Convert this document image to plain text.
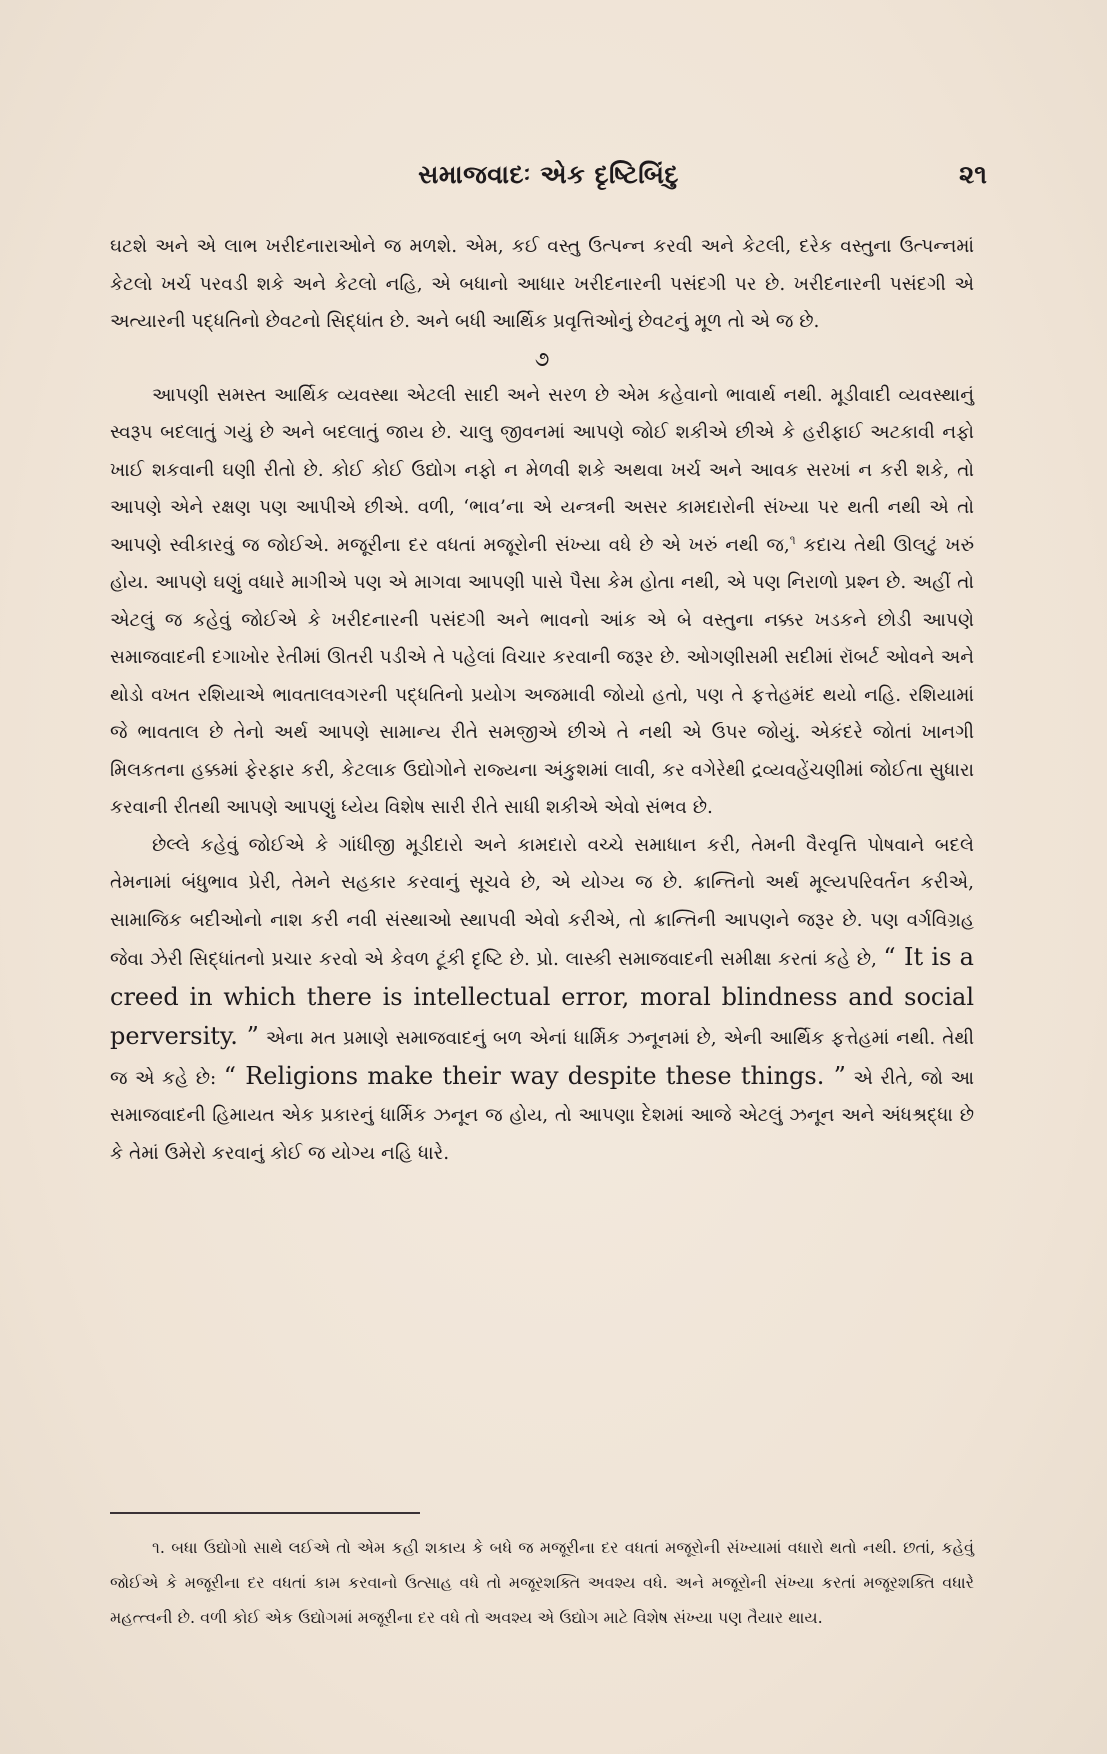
સમાજવાદઃ એક દૃષ્ટિબિંદુ	૨૧

ઘટશે અને એ લાભ ખરીદનારાઓને જ મળશે. એમ, કઈ વસ્તુ ઉત્પન્ન કરવી અને કેટલી, દરેક વસ્તુના ઉત્પન્નમાં કેટલો ખર્ચ પરવડી શકે અને કેટલો નહિ, એ બધાનો આધાર ખરીદનારની પસંદગી પર છે. ખરીદનારની પસંદગી એ અત્યારની પદ્ધતિનો છેવટનો સિદ્ધાંત છે. અને બધી આર્થિક પ્રવૃત્તિઓનું છેવટનું મૂળ તો એ જ છે.

૭

આપણી સમસ્ત આર્થિક વ્યવસ્થા એટલી સાદી અને સરળ છે એમ કહેવાનો ભાવાર્થ નથી. મૂડીવાદી વ્યવસ્થાનું સ્વરૂપ બદલાતું ગયું છે અને બદલાતું જાય છે. ચાલુ જીવનમાં આપણે જોઈ શકીએ છીએ કે હરીફાઈ અટકાવી નફો ખાઈ શકવાની ઘણી રીતો છે. કોઈ કોઈ ઉદ્યોગ નફો ન મેળવી શકે અથવા ખર્ચ અને આવક સરખાં ન કરી શકે, તો આપણે એને રક્ષણ પણ આપીએ છીએ. વળી, ‘ભાવ’ના એ યન્ત્રની અસર કામદારોની સંખ્યા પર થતી નથી એ તો આપણે સ્વીકારવું જ જોઈએ. મજૂરીના દર વધતાં મજૂરોની સંખ્યા વધે છે એ ખરું નથી જ,$^૧$ કદાચ તેથી ઊલટું ખરું હોય. આપણે ઘણું વધારે માગીએ પણ એ માગવા આપણી પાસે પૈસા કેમ હોતા નથી, એ પણ નિરાળો પ્રશ્ન છે. અહીં તો એટલું જ કહેવું જોઈએ કે ખરીદનારની પસંદગી અને ભાવનો આંક એ બે વસ્તુના નક્કર ખડકને છોડી આપણે સમાજવાદની દગાખોર રેતીમાં ઊતરી પડીએ તે પહેલાં વિચાર કરવાની જરૂર છે. ઓગણીસમી સદીમાં રૉબર્ટ ઓવને અને થોડો વખત રશિયાએ ભાવતાલવગરની પદ્ધતિનો પ્રયોગ અજમાવી જોયો હતો, પણ તે ફત્તેહમંદ થયો નહિ. રશિયામાં જે ભાવતાલ છે તેનો અર્થ આપણે સામાન્ય રીતે સમજીએ છીએ તે નથી એ ઉપર જોયું. એકંદરે જોતાં ખાનગી મિલકતના હક્કમાં ફેરફાર કરી, કેટલાક ઉદ્યોગોને રાજ્યના અંકુશમાં લાવી, કર વગેરેથી દ્રવ્યવહેંચણીમાં જોઈતા સુધારા કરવાની રીતથી આપણે આપણું ધ્યેય વિશેષ સારી રીતે સાધી શકીએ એવો સંભવ છે.

છેલ્લે કહેવું જોઈએ કે ગાંધીજી મૂડીદારો અને કામદારો વચ્ચે સમાધાન કરી, તેમની વૈરવૃત્તિ પોષવાને બદલે તેમનામાં બંધુભાવ પ્રેરી, તેમને સહકાર કરવાનું સૂચવે છે, એ યોગ્ય જ છે. ક્રાન્તિનો અર્થ મૂલ્યપરિવર્તન કરીએ, સામાજિક બદીઓનો નાશ કરી નવી સંસ્થાઓ સ્થાપવી એવો કરીએ, તો ક્રાન્તિની આપણને જરૂર છે. પણ વર્ગવિગ્રહ જેવા ઝેરી સિદ્ધાંતનો પ્રચાર કરવો એ કેવળ ટૂંકી દૃષ્ટિ છે. પ્રો. લાસ્કી સમાજવાદની સમીક્ષા કરતાં કહે છે, “ It is a creed in which there is intellectual error, moral blindness and social perversity. ” એના મત પ્રમાણે સમાજવાદનું બળ એનાં ધાર્મિક ઝનૂનમાં છે, એની આર્થિક ફત્તેહમાં નથી. તેથી જ એ કહે છે: “ Religions make their way despite these things. ” એ રીતે, જો આ સમાજવાદની હિમાયત એક પ્રકારનું ધાર્મિક ઝનૂન જ હોય, તો આપણા દેશમાં આજે એટલું ઝનૂન અને અંધશ્રદ્ધા છે કે તેમાં ઉમેરો કરવાનું કોઈ જ યોગ્ય નહિ ધારે.

૧. બધા ઉદ્યોગો સાથે લઈએ તો એમ કહી શકાય કે બધે જ મજૂરીના દર વધતાં મજૂરોની સંખ્યામાં વધારો થતો નથી. છતાં, કહેવું જોઈએ કે મજૂરીના દર વધતાં કામ કરવાનો ઉત્સાહ વધે તો મજૂરશક્તિ અવશ્ય વધે. અને મજૂરોની સંખ્યા કરતાં મજૂરશક્તિ વધારે મહત્ત્વની છે. વળી કોઈ એક ઉદ્યોગમાં મજૂરીના દર વધે તો અવશ્ય એ ઉદ્યોગ માટે વિશેષ સંખ્યા પણ તૈયાર થાય.
